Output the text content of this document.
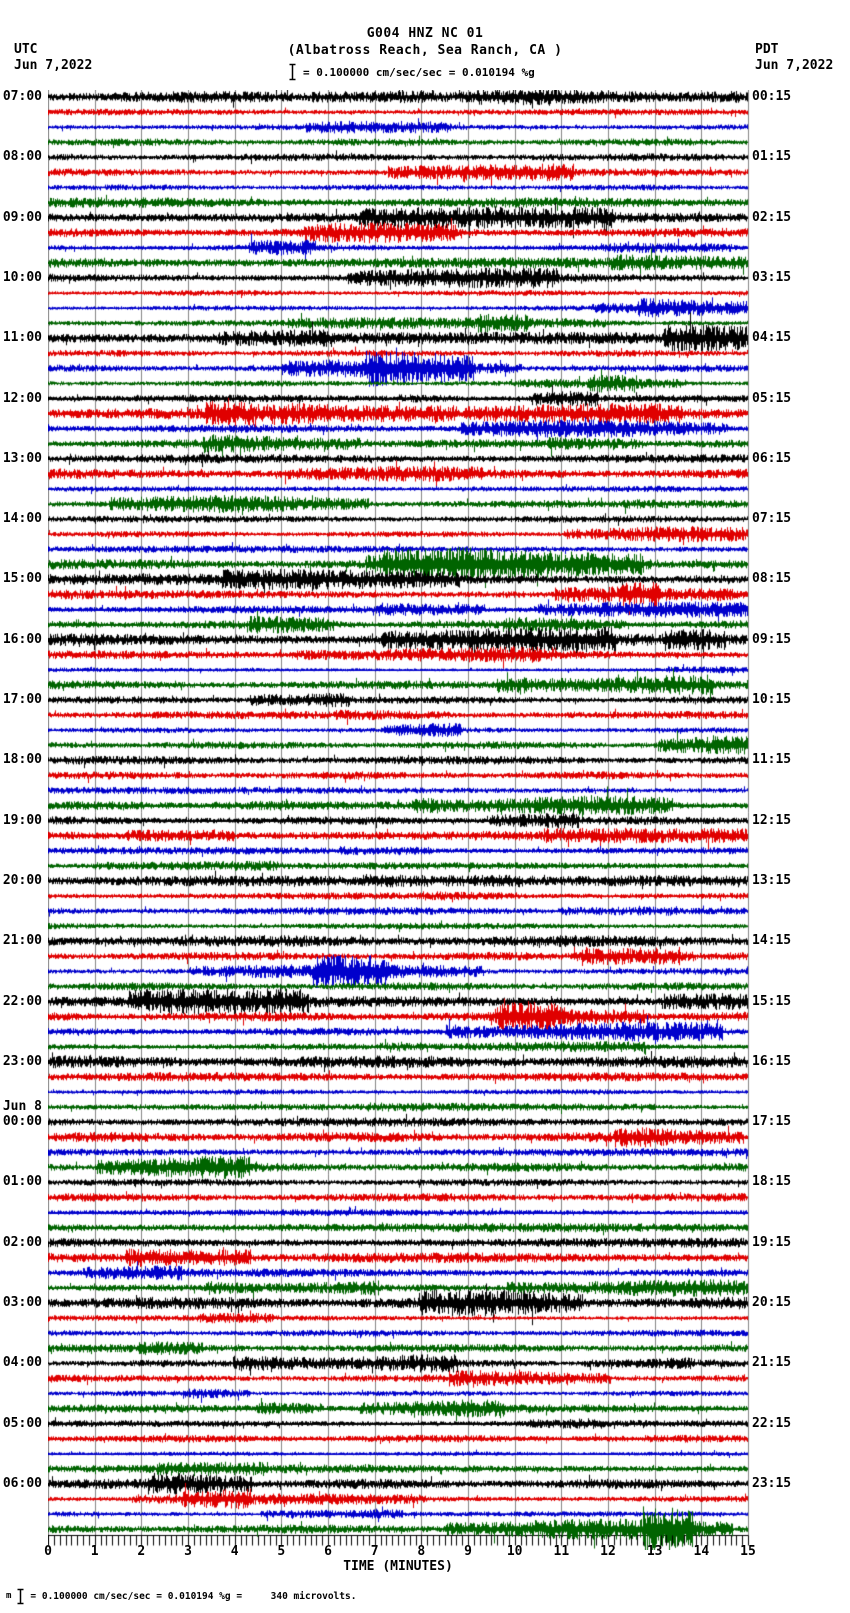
G004 HNZ NC 01
(Albatross Reach, Sea Ranch, CA )
UTC
Jun 7,2022
PDT
Jun 7,2022
= 0.100000 cm/sec/sec = 0.010194 %g
07:00
08:00
09:00
10:00
11:00
12:00
13:00
14:00
15:00
16:00
17:00
18:00
19:00
20:00
21:00
22:00
23:00
Jun 8
00:00
01:00
02:00
03:00
04:00
05:00
06:00
00:15
01:15
02:15
03:15
04:15
05:15
06:15
07:15
08:15
09:15
10:15
11:15
12:15
13:15
14:15
15:15
16:15
17:15
18:15
19:15
20:15
21:15
22:15
23:15
0	1	2	3	4	5	6	7	8	9	10 11 12 13 14 15
TIME (MINUTES)
m = 0.100000 cm/sec/sec = 0.010194 %g =     340 microvolts.
